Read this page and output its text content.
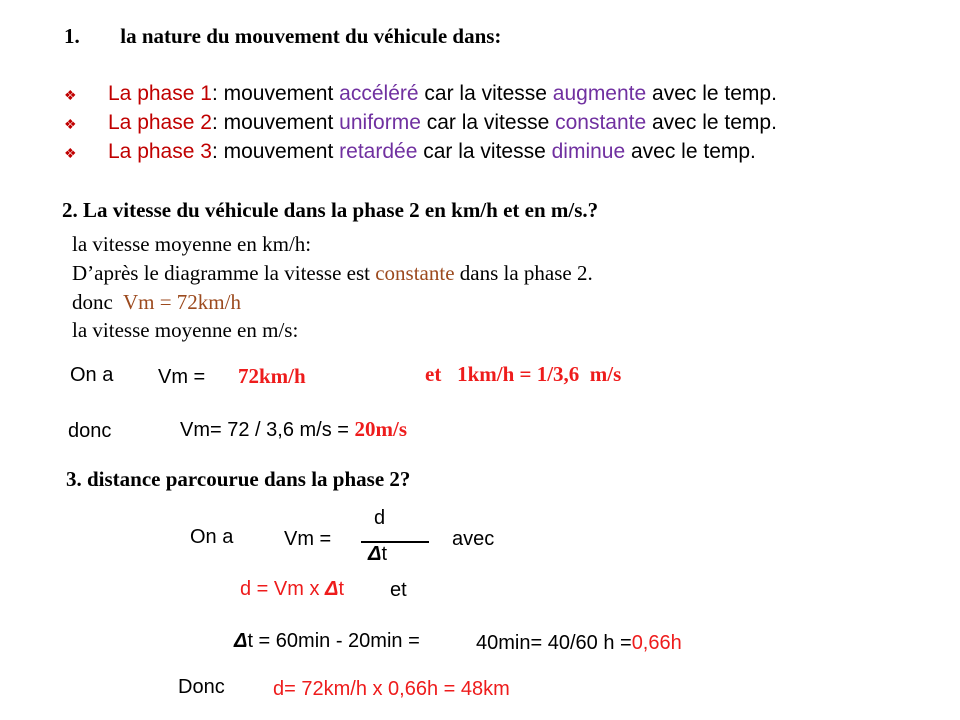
1. la nature du mouvement du véhicule dans:
❖ La phase 1: mouvement accéléré car la vitesse augmente avec le temp.
❖ La phase 2: mouvement uniforme car la vitesse constante avec le temp.
❖ La phase 3: mouvement retardée car la vitesse diminue avec le temp.
2. La vitesse du véhicule dans la phase 2 en km/h et en m/s.?
la vitesse moyenne en km/h:
D’après le diagramme la vitesse est constante dans la phase 2.
donc  Vm = 72km/h
la vitesse moyenne en m/s:
On a Vm = 72km/h	et   1km/h = 1/3,6  m/s
donc	Vm= 72 / 3,6 m/s = 20m/s
3. distance parcourue dans la phase 2?
On a	Vm =
d
Δt
avec
d = Vm x Δt et
Δt = 60min - 20min =	40min= 40/60 h =0,66h
Donc d= 72km/h x 0,66h = 48km
